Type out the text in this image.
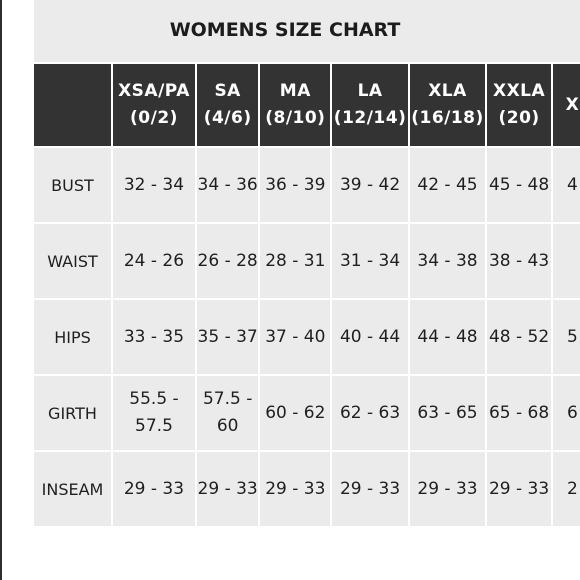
WOMENS SIZE CHART
	XSA/PA (0/2)	SA (4/6)	MA (8/10)	LA (12/14)	XLA (16/18)	XXLA (20)	X
BUST	32 - 34	34 - 36	36 - 39	39 - 42	42 - 45	45 - 48	4
WAIST	24 - 26	26 - 28	28 - 31	31 - 34	34 - 38	38 - 43	
HIPS	33 - 35	35 - 37	37 - 40	40 - 44	44 - 48	48 - 52	5
GIRTH	55.5 - 57.5	57.5 - 60	60 - 62	62 - 63	63 - 65	65 - 68	6
INSEAM	29 - 33	29 - 33	29 - 33	29 - 33	29 - 33	29 - 33	2
